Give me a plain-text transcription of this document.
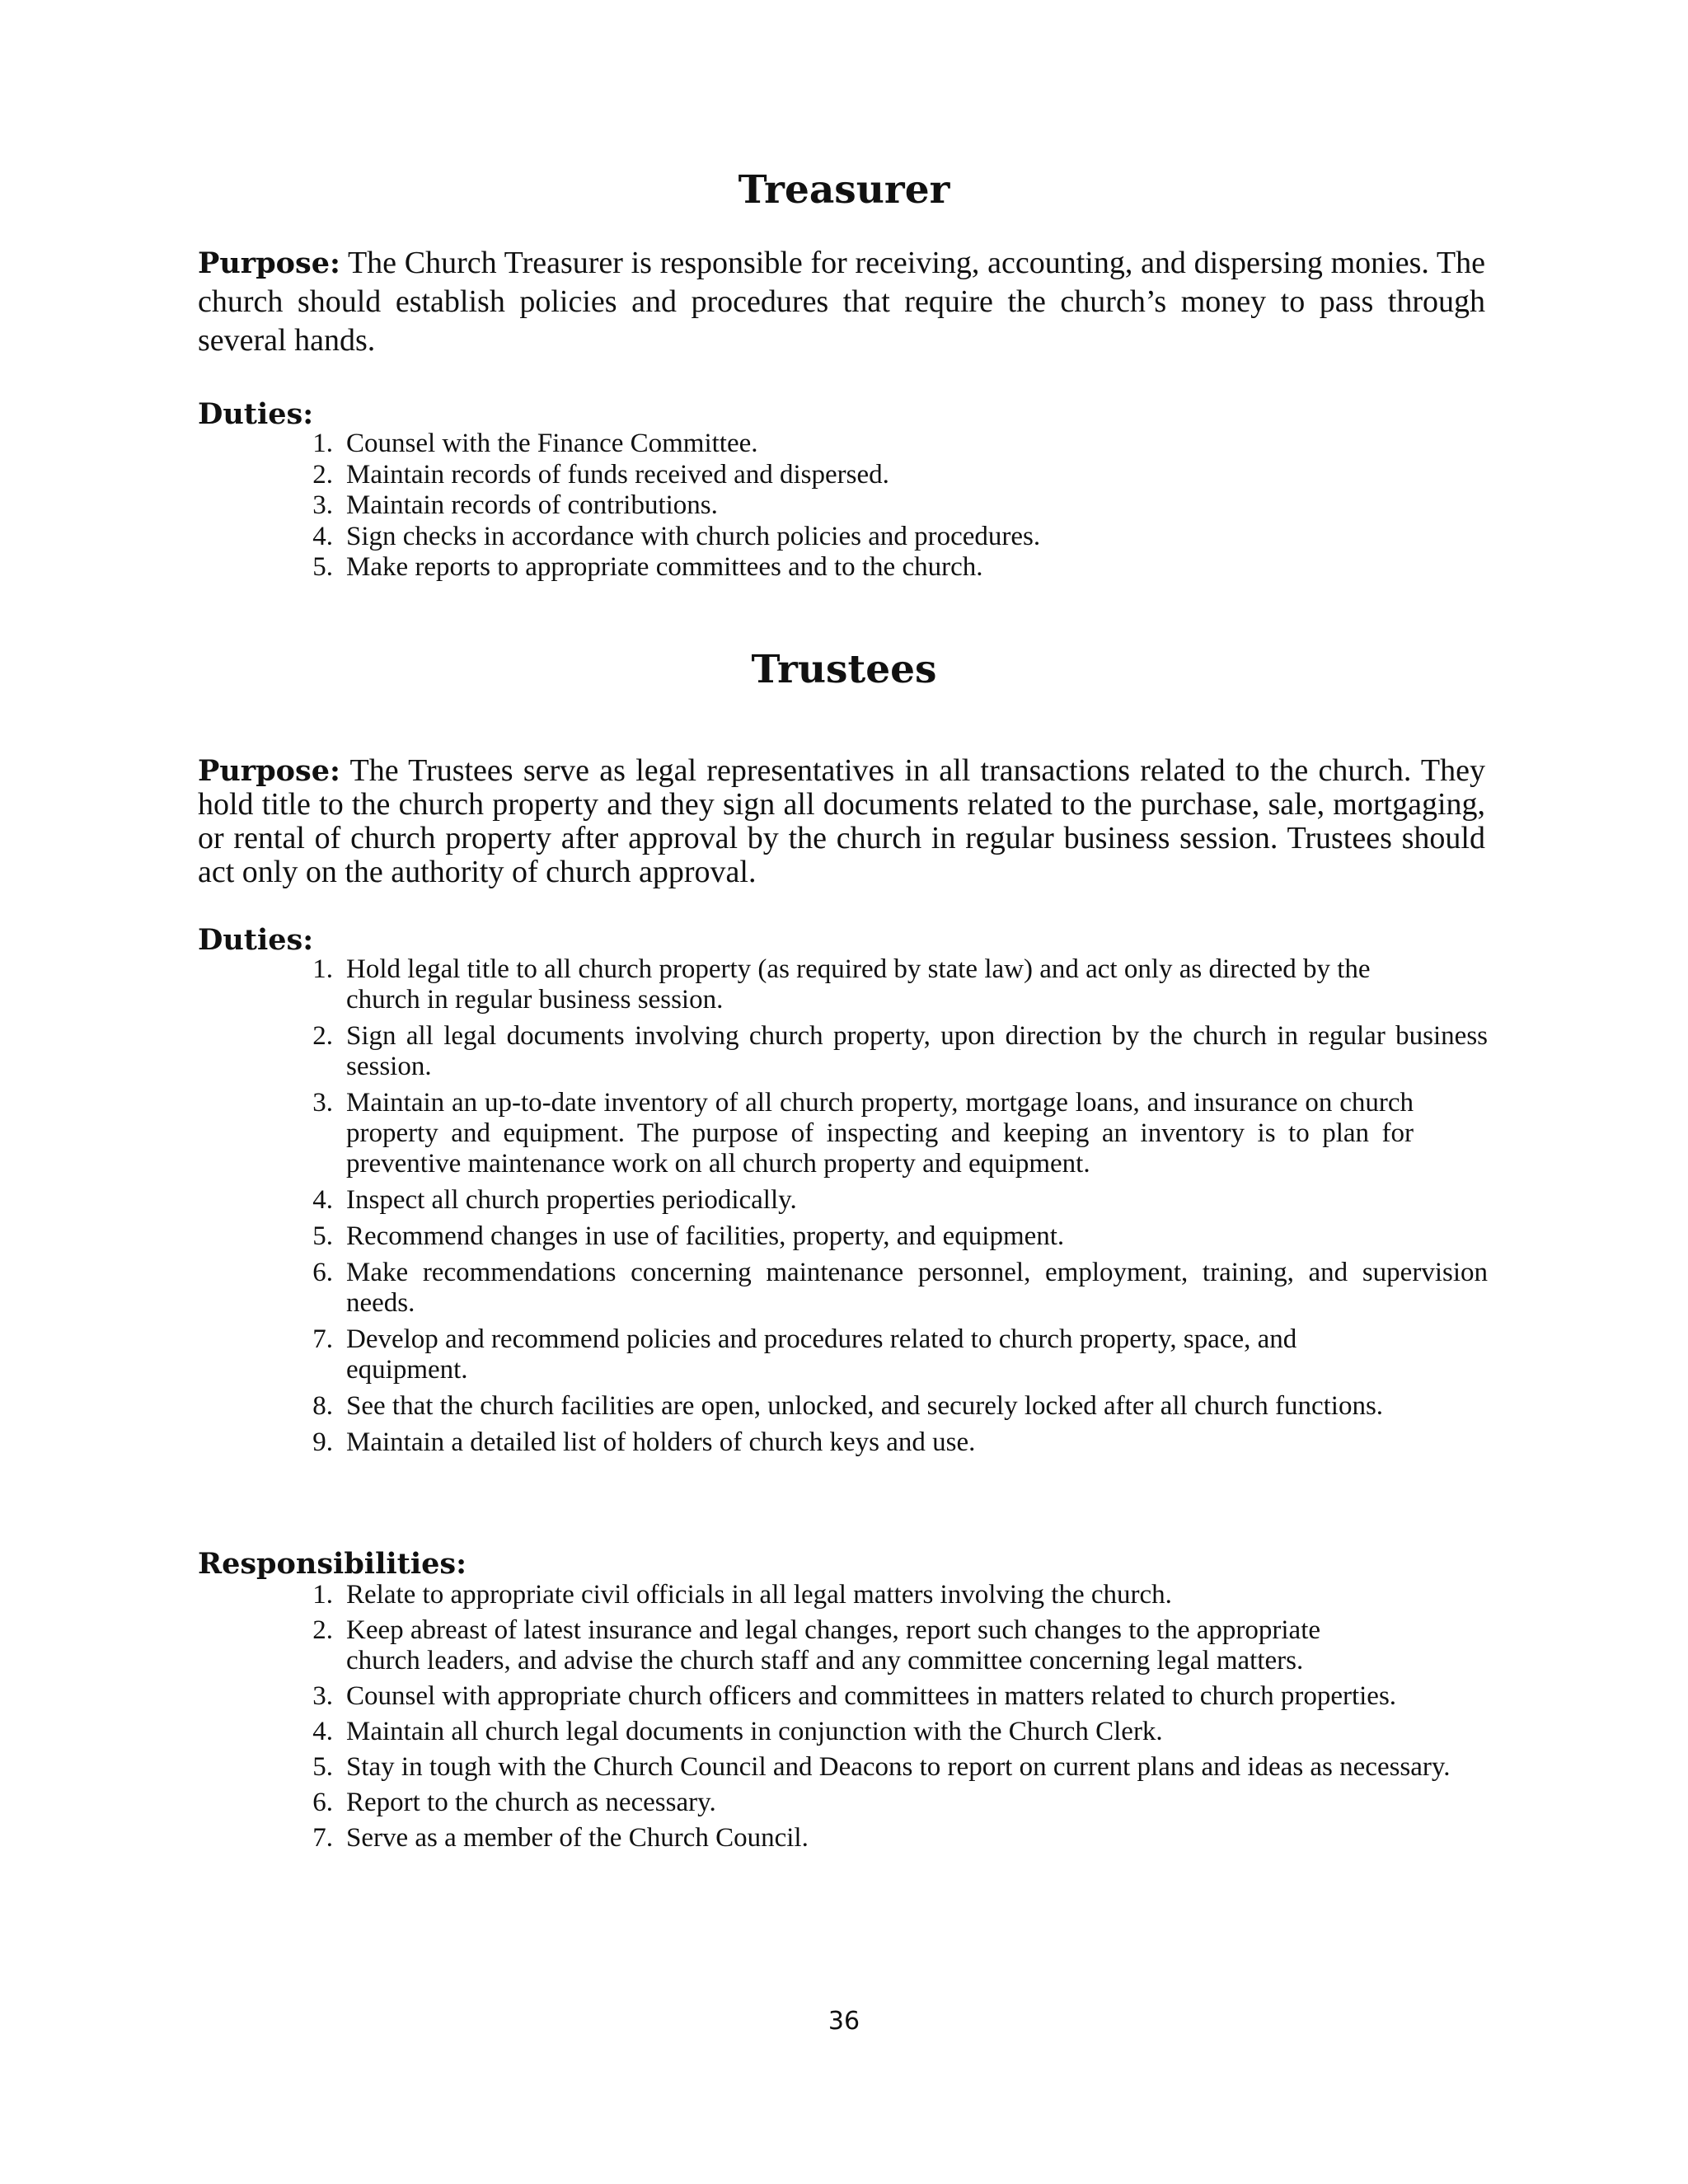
Treasurer

Purpose: The Church Treasurer is responsible for receiving, accounting, and dispersing monies. The church should establish policies and procedures that require the church’s money to pass through several hands.

Duties:

1. Counsel with the Finance Committee.
2. Maintain records of funds received and dispersed.
3. Maintain records of contributions.
4. Sign checks in accordance with church policies and procedures.
5. Make reports to appropriate committees and to the church.
Trustees

Purpose: The Trustees serve as legal representatives in all transactions related to the church. They hold title to the church property and they sign all documents related to the purchase, sale, mortgaging, or rental of church property after approval by the church in regular business session. Trustees should act only on the authority of church approval.

Duties:

1. Hold legal title to all church property (as required by state law) and act only as directed by the church in regular business session.
2. Sign all legal documents involving church property, upon direction by the church in regular business session.
3. Maintain an up-to-date inventory of all church property, mortgage loans, and insurance on church property and equipment. The purpose of inspecting and keeping an inventory is to plan for preventive maintenance work on all church property and equipment.
4. Inspect all church properties periodically.
5. Recommend changes in use of facilities, property, and equipment.
6. Make recommendations concerning maintenance personnel, employment, training, and supervision needs.
7. Develop and recommend policies and procedures related to church property, space, and equipment.
8. See that the church facilities are open, unlocked, and securely locked after all church functions.
9. Maintain a detailed list of holders of church keys and use.

Responsibilities:

1. Relate to appropriate civil officials in all legal matters involving the church.
2. Keep abreast of latest insurance and legal changes, report such changes to the appropriate church leaders, and advise the church staff and any committee concerning legal matters.
3. Counsel with appropriate church officers and committees in matters related to church properties.
4. Maintain all church legal documents in conjunction with the Church Clerk.
5. Stay in tough with the Church Council and Deacons to report on current plans and ideas as necessary.
6. Report to the church as necessary.
7. Serve as a member of the Church Council.

36
